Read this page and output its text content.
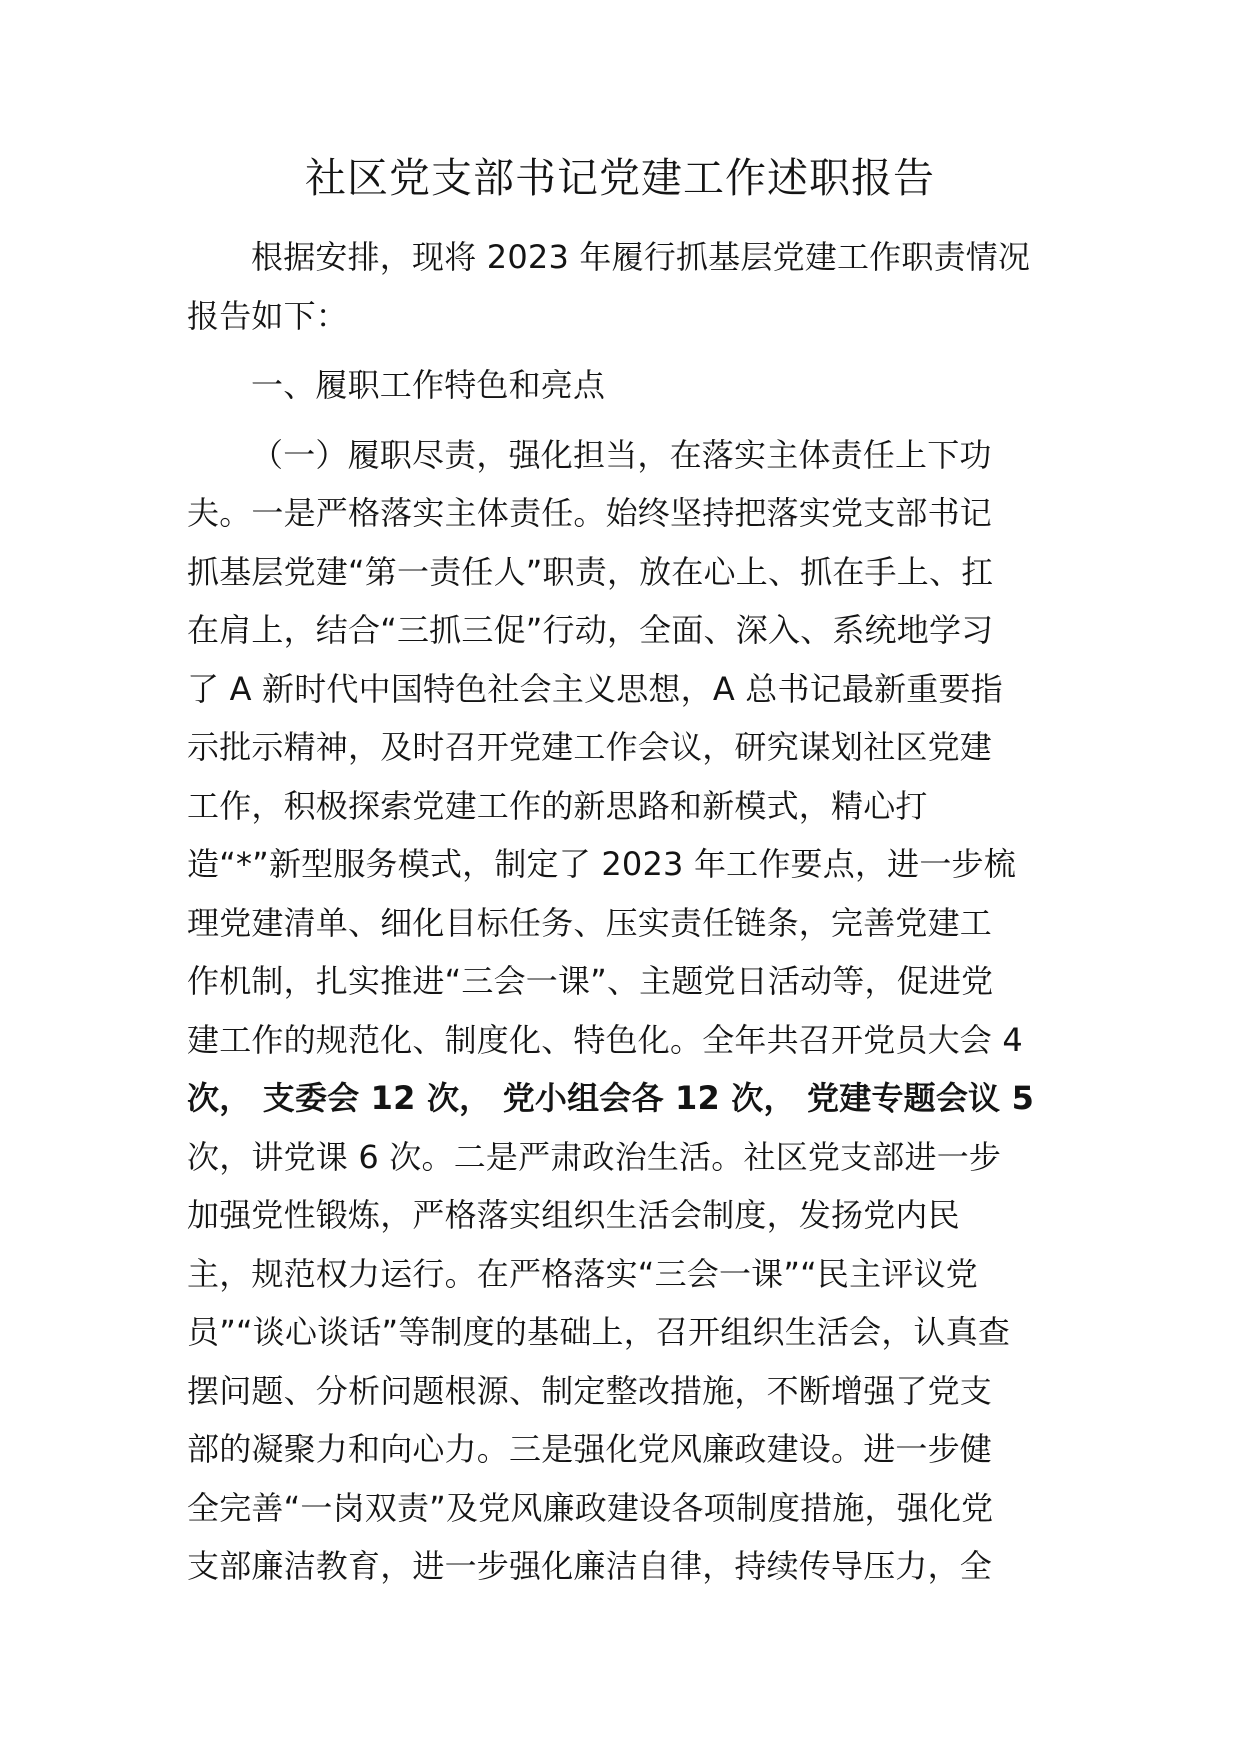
社区党支部书记党建工作述职报告
根据安排，现将 2023 年履行抓基层党建工作职责情况
报告如下：
一、履职工作特色和亮点
（一）履职尽责，强化担当，在落实主体责任上下功
夫。一是严格落实主体责任。始终坚持把落实党支部书记
抓基层党建“第一责任人”职责，放在心上、抓在手上、扛
在肩上，结合“三抓三促”行动，全面、深入、系统地学习
了 A 新时代中国特色社会主义思想，A 总书记最新重要指
示批示精神，及时召开党建工作会议，研究谋划社区党建
工作，积极探索党建工作的新思路和新模式，精心打
造“*”新型服务模式，制定了 2023 年工作要点，进一步梳
理党建清单、细化目标任务、压实责任链条，完善党建工
作机制，扎实推进“三会一课”、主题党日活动等，促进党
建工作的规范化、制度化、特色化。全年共召开党员大会 4
次， 支委会 12 次， 党小组会各 12 次， 党建专题会议 5
次，讲党课 6 次。二是严肃政治生活。社区党支部进一步
加强党性锻炼，严格落实组织生活会制度，发扬党内民
主，规范权力运行。在严格落实“三会一课”“民主评议党
员”“谈心谈话”等制度的基础上，召开组织生活会，认真查
摆问题、分析问题根源、制定整改措施，不断增强了党支
部的凝聚力和向心力。三是强化党风廉政建设。进一步健
全完善“一岗双责”及党风廉政建设各项制度措施，强化党
支部廉洁教育，进一步强化廉洁自律，持续传导压力，全
